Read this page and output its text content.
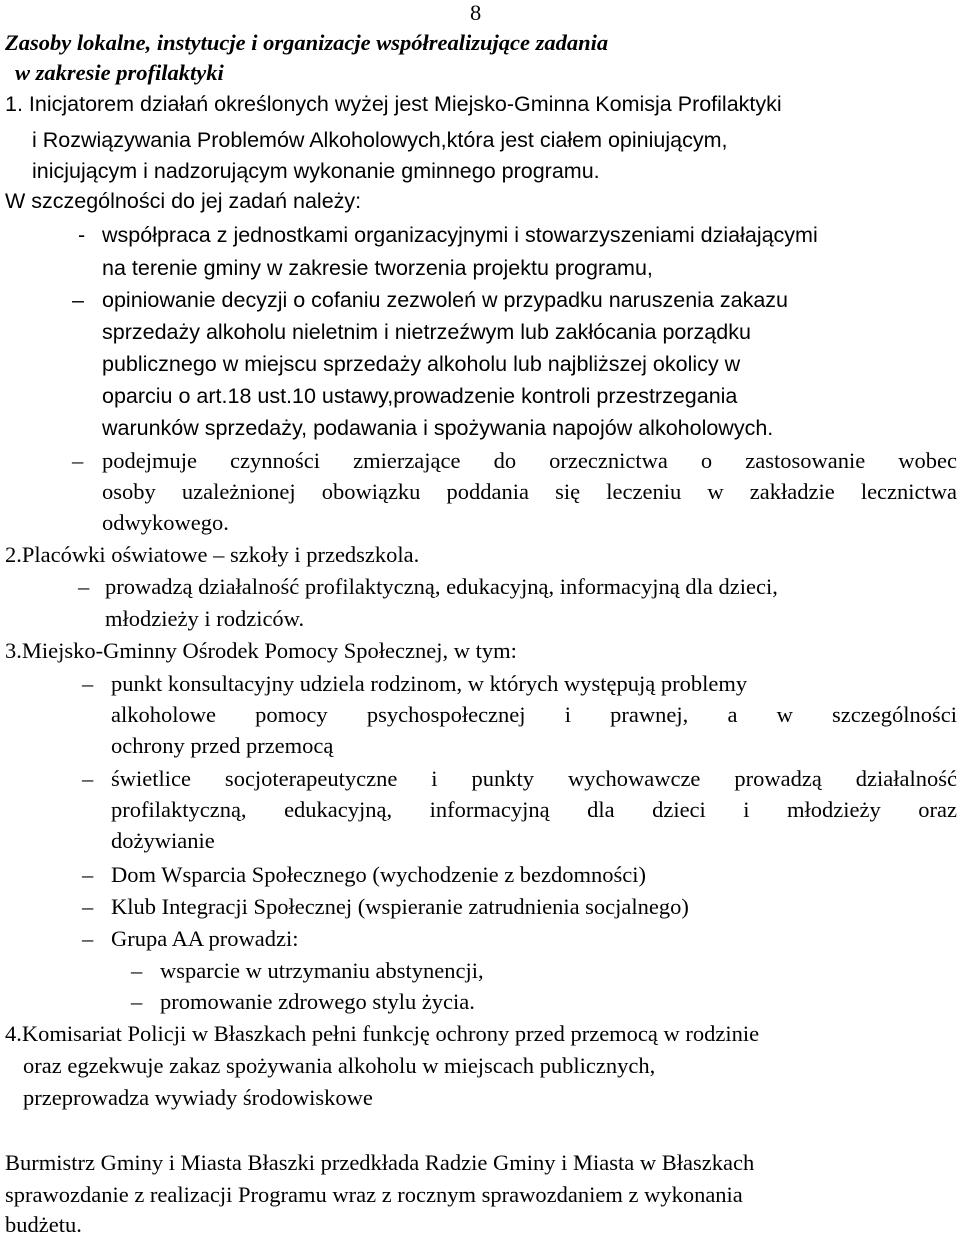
8
Zasoby lokalne, instytucje i organizacje współrealizujące zadania
w zakresie profilaktyki
1. Inicjatorem działań określonych wyżej jest Miejsko-Gminna Komisja Profilaktyki
i Rozwiązywania Problemów Alkoholowych,która jest ciałem opiniującym,
inicjującym i nadzorującym wykonanie gminnego programu.
W szczególności do jej zadań należy:
- współpraca z jednostkami organizacyjnymi i stowarzyszeniami działającymi
na terenie gminy w zakresie tworzenia projektu programu,
– opiniowanie decyzji o cofaniu zezwoleń w przypadku naruszenia zakazu
sprzedaży alkoholu nieletnim i nietrzeźwym lub zakłócania porządku
publicznego w miejscu sprzedaży alkoholu lub najbliższej okolicy w
oparciu o art.18 ust.10 ustawy,prowadzenie kontroli przestrzegania
warunków sprzedaży, podawania i spożywania napojów alkoholowych.
– podejmuje czynności zmierzające do orzecznictwa o zastosowanie wobec
osoby uzależnionej obowiązku poddania się leczeniu w zakładzie lecznictwa
odwykowego.
2.Placówki oświatowe – szkoły i przedszkola.
– prowadzą działalność profilaktyczną, edukacyjną, informacyjną dla dzieci,
młodzieży i rodziców.
3.Miejsko-Gminny Ośrodek Pomocy Społecznej, w tym:
– punkt konsultacyjny udziela rodzinom, w których występują problemy
alkoholowe pomocy psychospołecznej i prawnej, a w szczególności
ochrony przed przemocą
– świetlice socjoterapeutyczne i punkty wychowawcze prowadzą działalność
profilaktyczną, edukacyjną, informacyjną dla dzieci i młodzieży oraz
dożywianie
– Dom Wsparcia Społecznego (wychodzenie z bezdomności)
– Klub Integracji Społecznej (wspieranie zatrudnienia socjalnego)
– Grupa AA prowadzi:
– wsparcie w utrzymaniu abstynencji,
– promowanie zdrowego stylu życia.
4.Komisariat Policji w Błaszkach pełni funkcję ochrony przed przemocą w rodzinie
oraz egzekwuje zakaz spożywania alkoholu w miejscach publicznych,
przeprowadza wywiady środowiskowe
Burmistrz Gminy i Miasta Błaszki przedkłada Radzie Gminy i Miasta w Błaszkach
sprawozdanie z realizacji Programu wraz z rocznym sprawozdaniem z wykonania
budżetu.
